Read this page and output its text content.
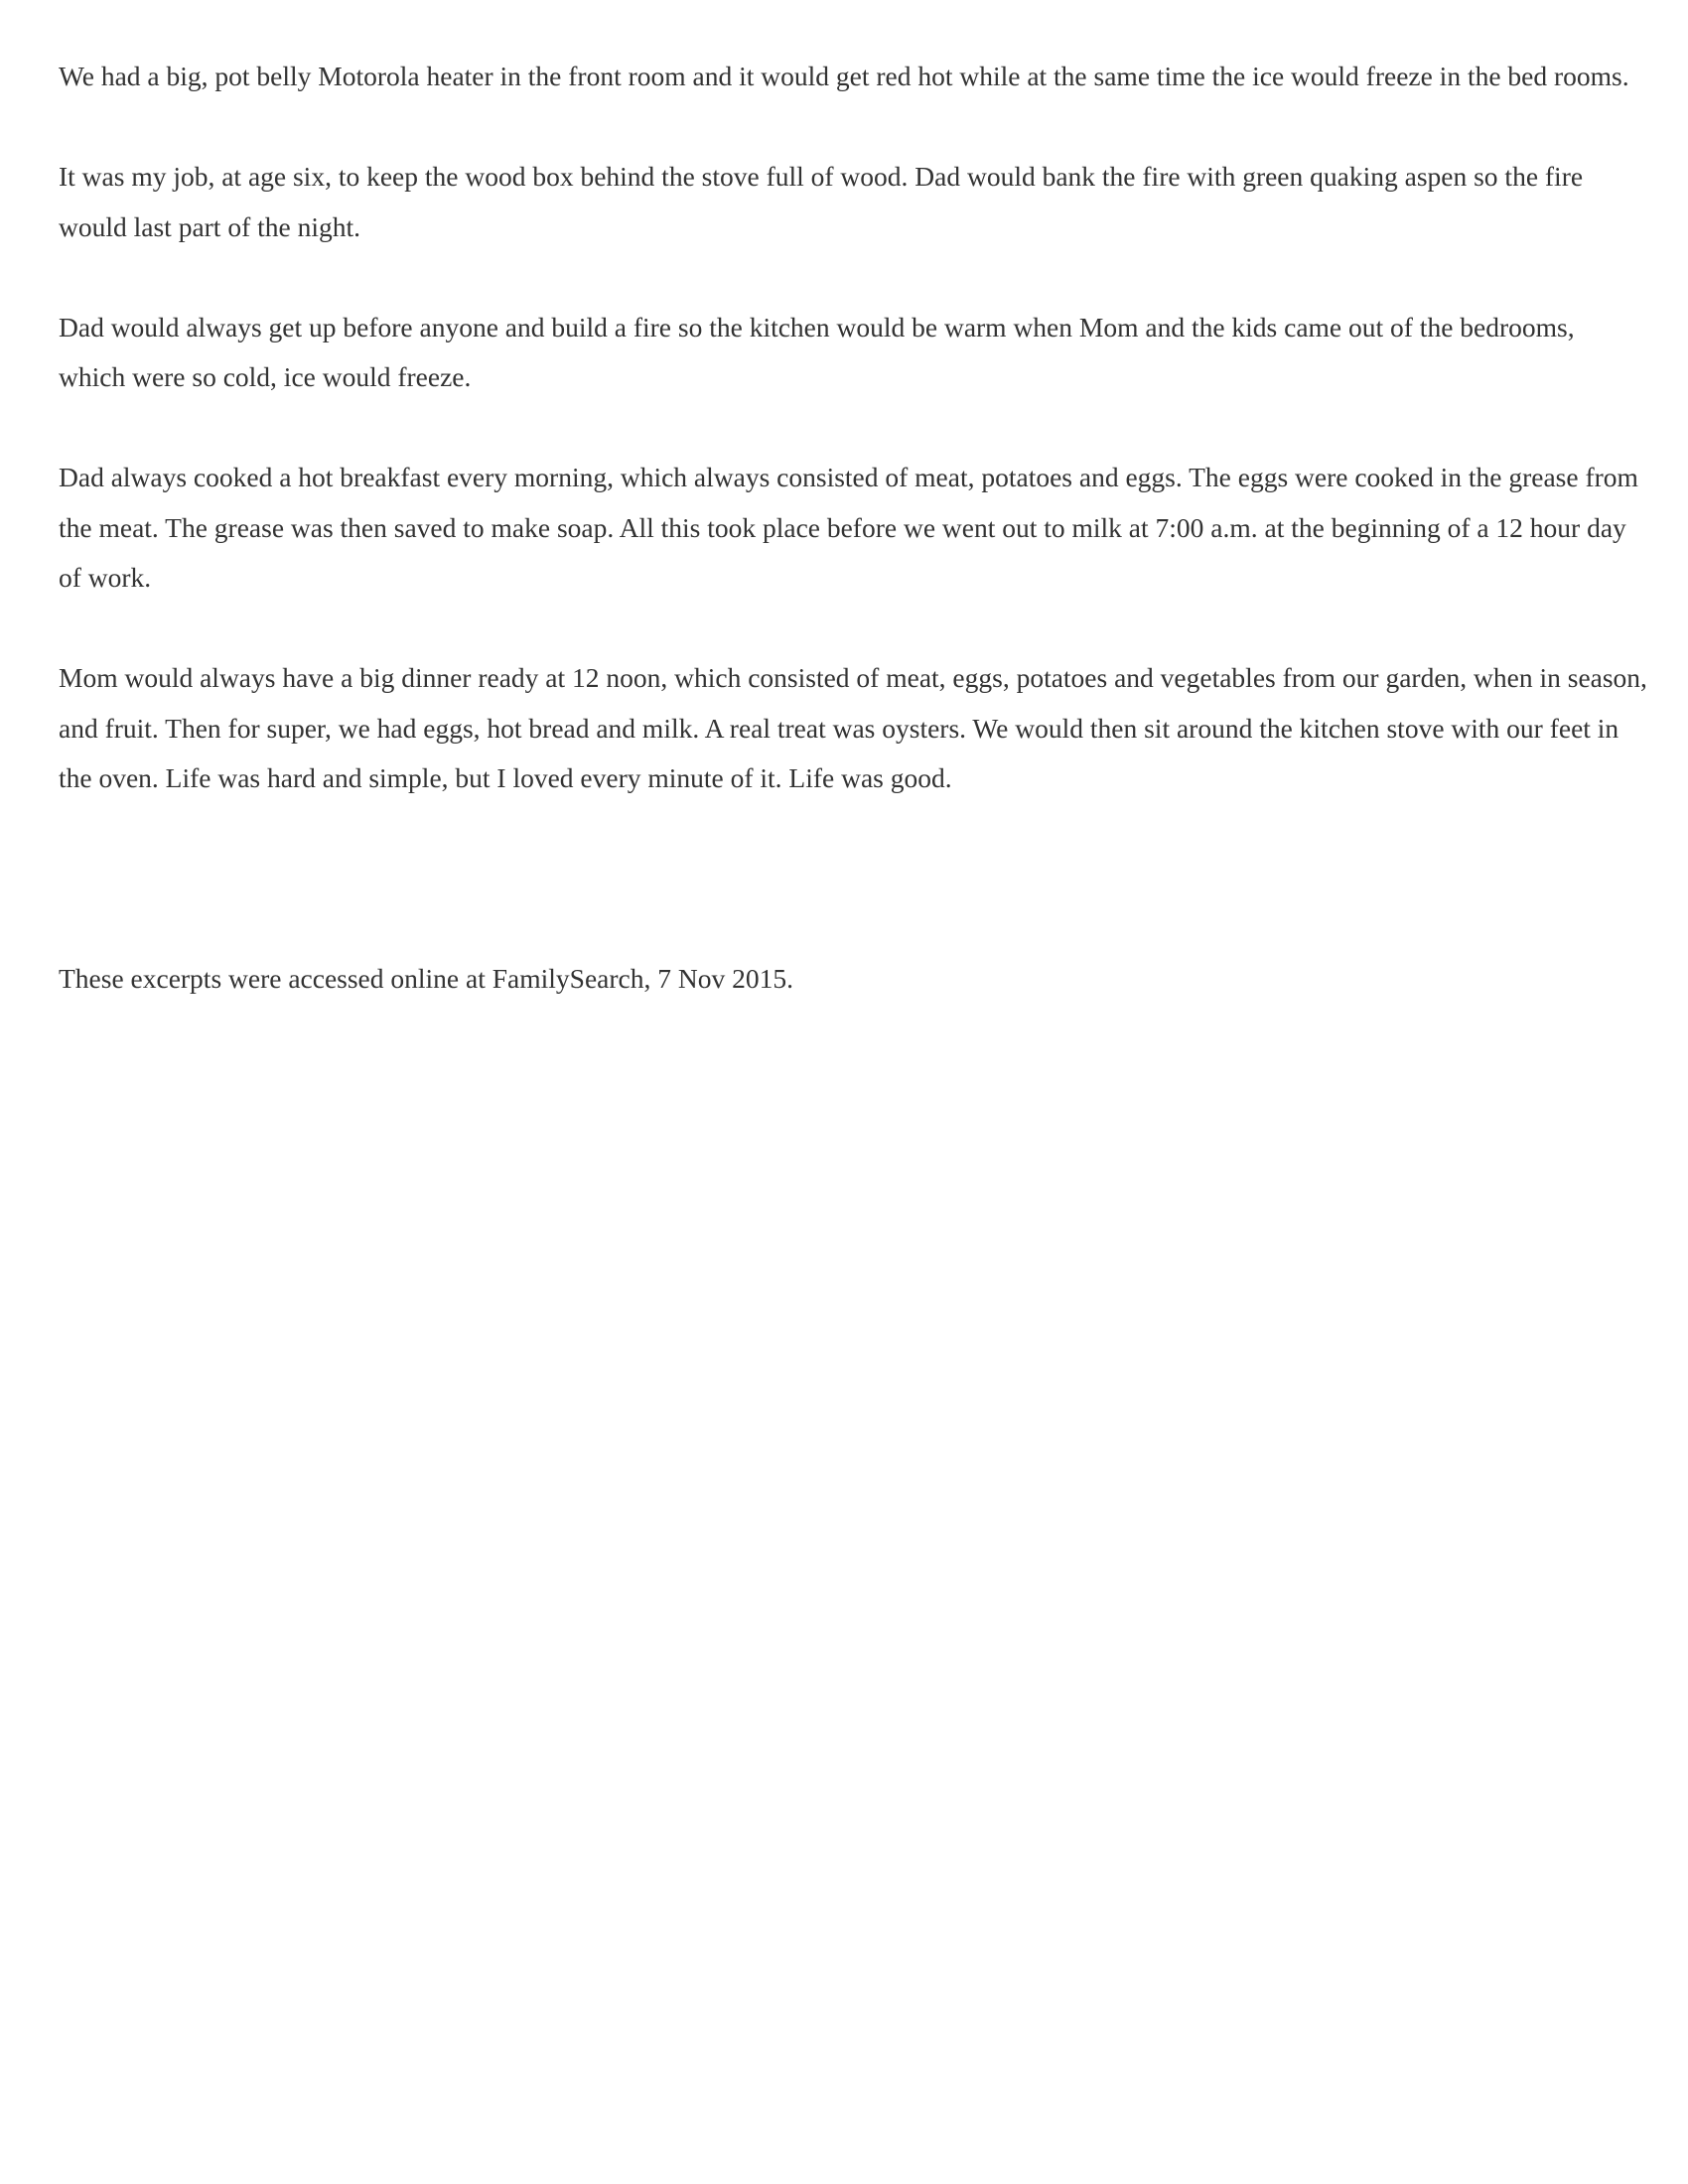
We had a big, pot belly Motorola heater in the front room and it would get red hot while at the same time the ice would freeze in the bed rooms.

It was my job, at age six, to keep the wood box behind the stove full of wood. Dad would bank the fire with green quaking aspen so the fire would last part of the night.

Dad would always get up before anyone and build a fire so the kitchen would be warm when Mom and the kids came out of the bedrooms, which were so cold, ice would freeze.

Dad always cooked a hot breakfast every morning, which always consisted of meat, potatoes and eggs. The eggs were cooked in the grease from the meat. The grease was then saved to make soap. All this took place before we went out to milk at 7:00 a.m. at the beginning of a 12 hour day of work.

Mom would always have a big dinner ready at 12 noon, which consisted of meat, eggs, potatoes and vegetables from our garden, when in season, and fruit. Then for super, we had eggs, hot bread and milk. A real treat was oysters. We would then sit around the kitchen stove with our feet in the oven. Life was hard and simple, but I loved every minute of it. Life was good.

These excerpts were accessed online at FamilySearch, 7 Nov 2015.
